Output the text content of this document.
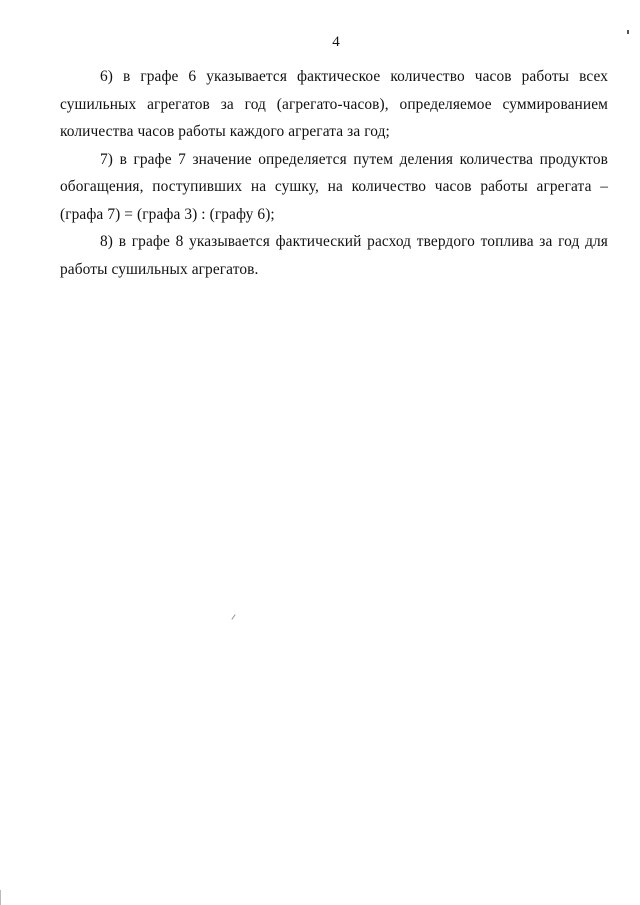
4

6) в графе 6 указывается фактическое количество часов работы всех сушильных агрегатов за год (агрегато-часов), определяемое суммированием количества часов работы каждого агрегата за год;

7) в графе 7 значение определяется путем деления количества продуктов обогащения, поступивших на сушку, на количество часов работы агрегата – (графа 7) = (графа 3) : (графу 6);

8) в графе 8 указывается фактический расход твердого топлива за год для работы сушильных агрегатов.
